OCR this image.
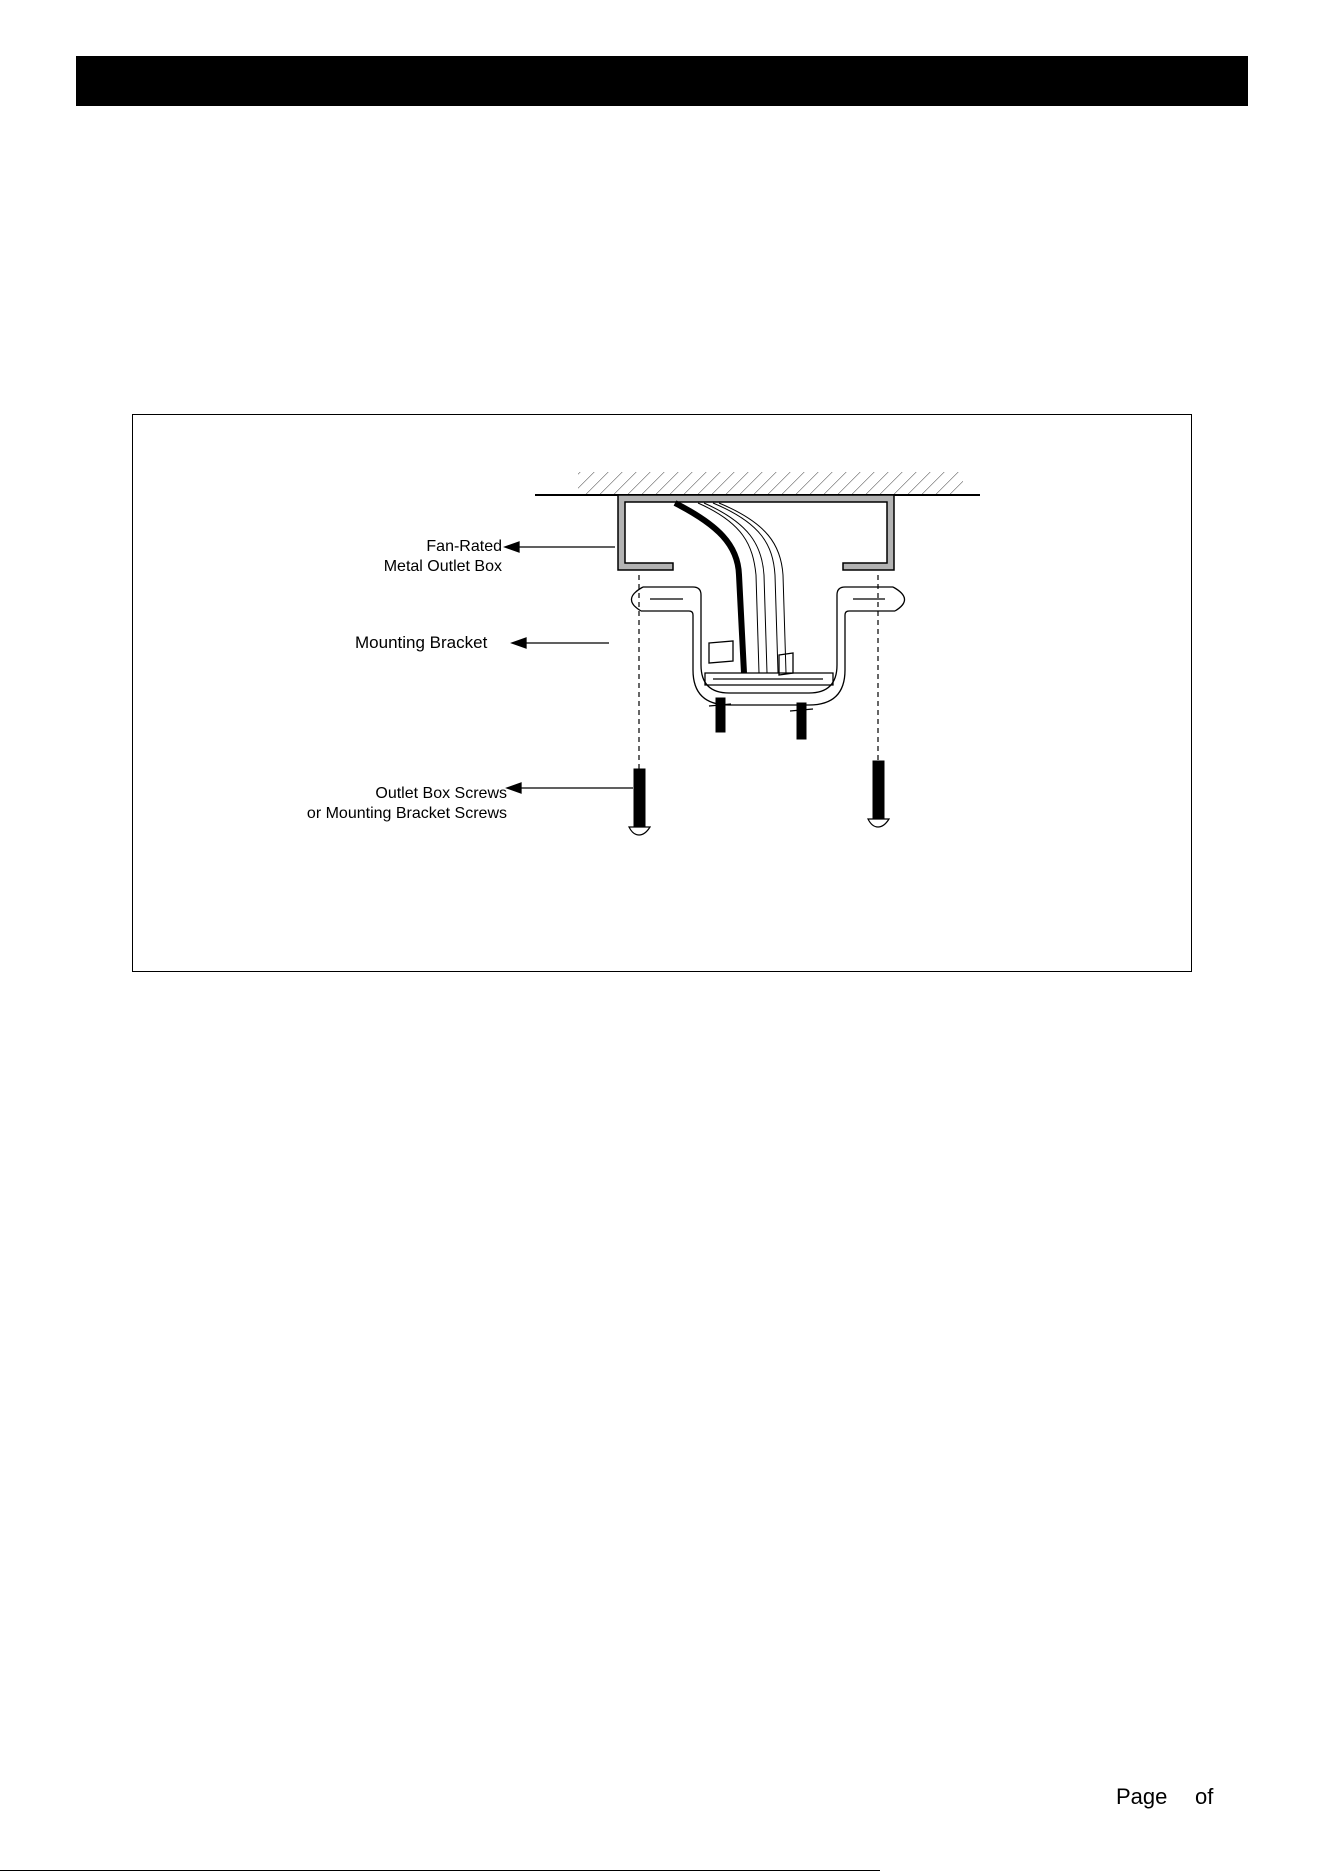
Fan-Rated
Metal Outlet Box
Mounting Bracket
Outlet Box Screws
or Mounting Bracket Screws
Page of
